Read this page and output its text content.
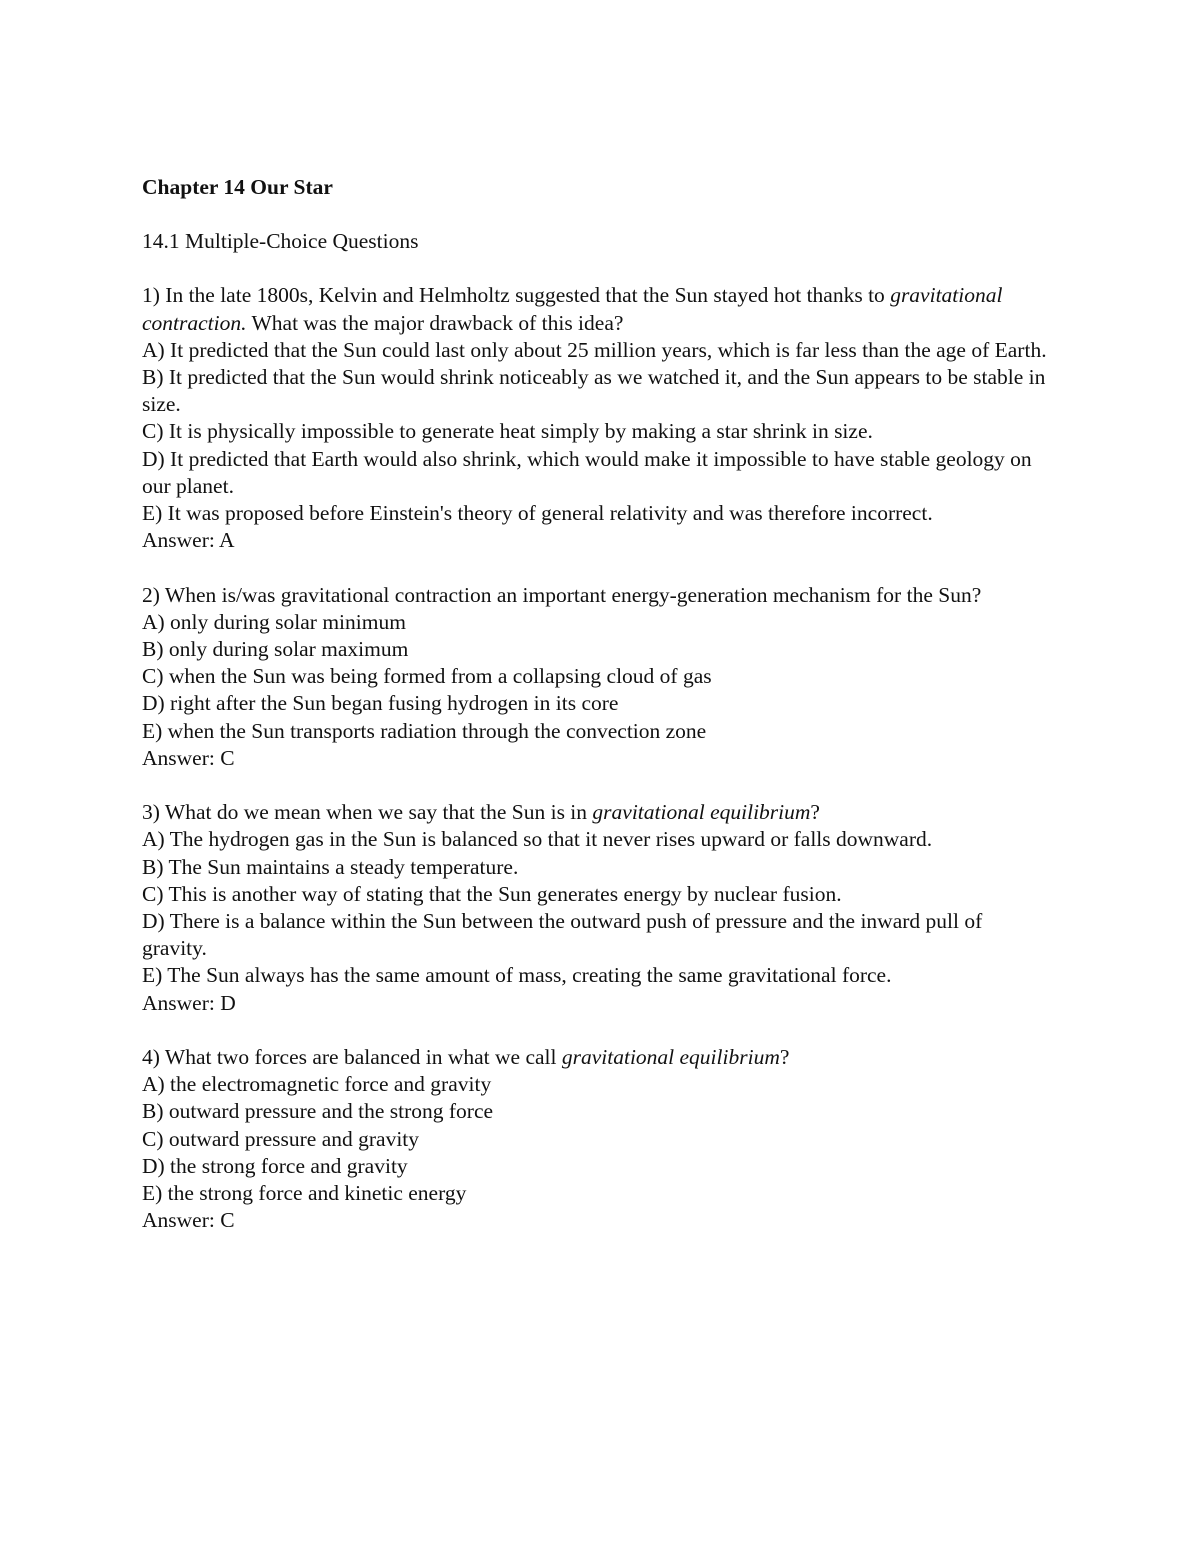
Chapter 14 Our Star
14.1 Multiple-Choice Questions
1) In the late 1800s, Kelvin and Helmholtz suggested that the Sun stayed hot thanks to gravitational contraction. What was the major drawback of this idea?
A) It predicted that the Sun could last only about 25 million years, which is far less than the age of Earth.
B) It predicted that the Sun would shrink noticeably as we watched it, and the Sun appears to be stable in size.
C) It is physically impossible to generate heat simply by making a star shrink in size.
D) It predicted that Earth would also shrink, which would make it impossible to have stable geology on our planet.
E) It was proposed before Einstein's theory of general relativity and was therefore incorrect.
Answer: A
2) When is/was gravitational contraction an important energy-generation mechanism for the Sun?
A) only during solar minimum
B) only during solar maximum
C) when the Sun was being formed from a collapsing cloud of gas
D) right after the Sun began fusing hydrogen in its core
E) when the Sun transports radiation through the convection zone
Answer: C
3) What do we mean when we say that the Sun is in gravitational equilibrium?
A) The hydrogen gas in the Sun is balanced so that it never rises upward or falls downward.
B) The Sun maintains a steady temperature.
C) This is another way of stating that the Sun generates energy by nuclear fusion.
D) There is a balance within the Sun between the outward push of pressure and the inward pull of gravity.
E) The Sun always has the same amount of mass, creating the same gravitational force.
Answer: D
4) What two forces are balanced in what we call gravitational equilibrium?
A) the electromagnetic force and gravity
B) outward pressure and the strong force
C) outward pressure and gravity
D) the strong force and gravity
E) the strong force and kinetic energy
Answer: C
